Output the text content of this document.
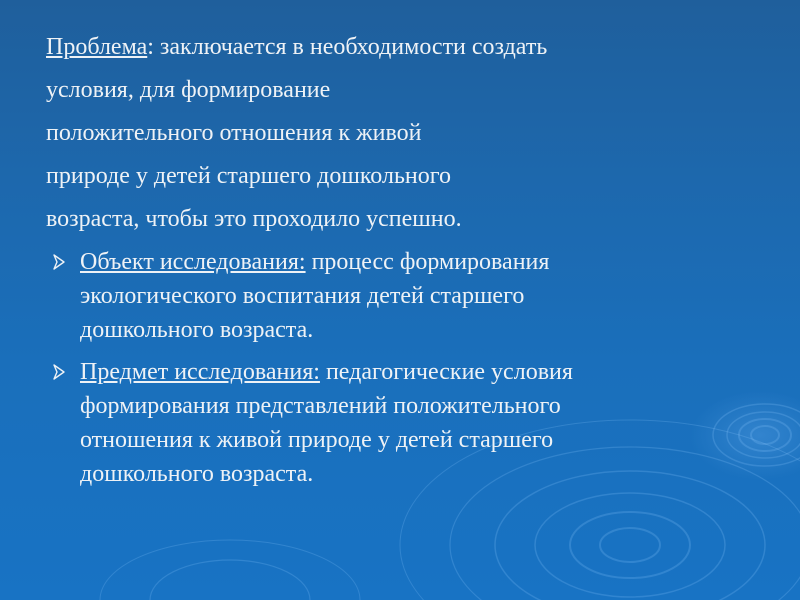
Проблема: заключается в необходимости создать
условия, для формирование
положительного отношения к живой
природе у детей старшего дошкольного
возраста, чтобы это проходило успешно.
Объект исследования: процесс формирования
экологического воспитания детей старшего
дошкольного возраста.
Предмет исследования: педагогические условия
формирования представлений положительного
отношения к живой природе у детей старшего
дошкольного возраста.
